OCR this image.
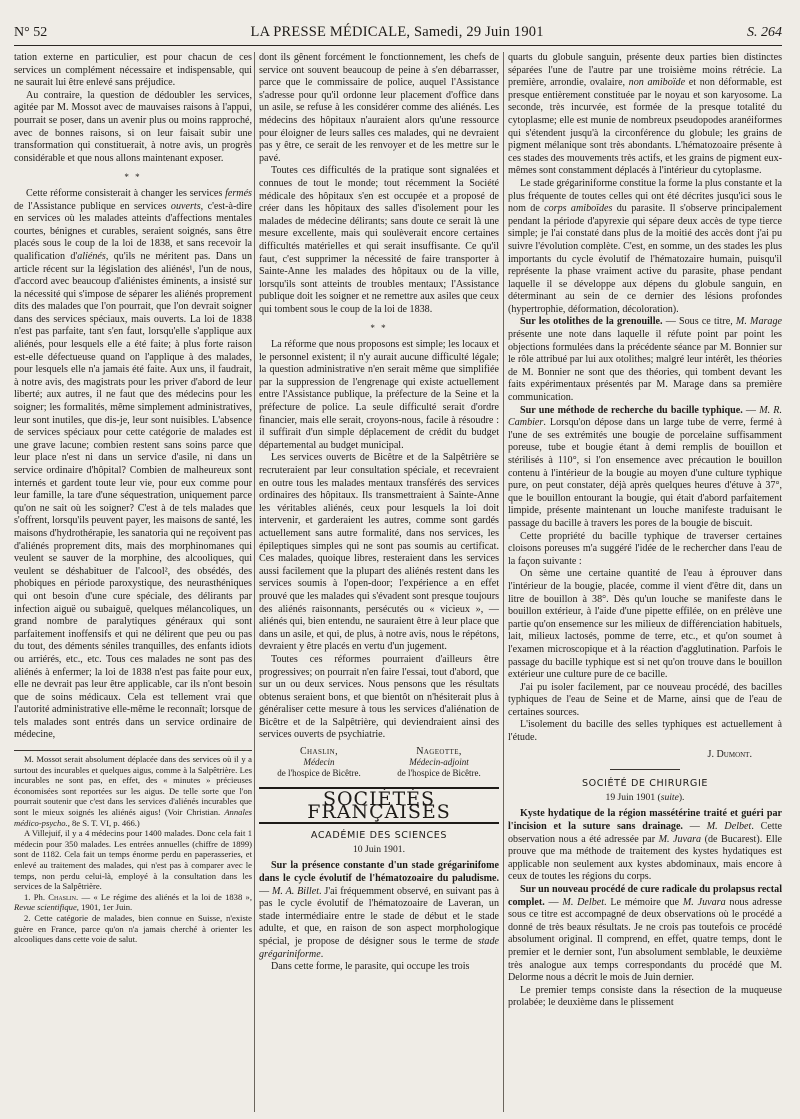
N° 52	LA PRESSE MÉDICALE, Samedi, 29 Juin 1901	S. 264

tation externe en particulier, est pour chacun de ces services un complément nécessaire et indispensable, qui ne saurait lui être enlevé sans préjudice.

Au contraire, la question de dédoubler les services, agitée par M. Mossot avec de mauvaises raisons à l'appui, pourrait se poser, dans un avenir plus ou moins rapproché, avec de bonnes raisons, si on leur faisait subir une transformation qui constituerait, à notre avis, un progrès considérable et que nous allons maintenant exposer.

* *

Cette réforme consisterait à changer les services fermés de l'Assistance publique en services ouverts, c'est-à-dire en services où les malades atteints d'affections mentales courtes, bénignes et curables, seraient soignés, sans être placés sous le coup de la loi de 1838, et sans recevoir la qualification d'aliénés, qu'ils ne méritent pas. Dans un article récent sur la législation des aliénés¹, l'un de nous, d'accord avec beaucoup d'aliénistes éminents, a insisté sur la nécessité qui s'impose de séparer les aliénés proprement dits des malades que l'on pourrait, que l'on devrait soigner dans des services spéciaux, mais ouverts. La loi de 1838 n'est pas parfaite, tant s'en faut, lorsqu'elle s'applique aux aliénés, pour lesquels elle a été faite; à plus forte raison est-elle défectueuse quand on l'applique à des malades, pour lesquels elle n'a jamais été faite. Aux uns, il faudrait, à notre avis, des magistrats pour les priver d'abord de leur liberté; aux autres, il ne faut que des médecins pour les soigner; les formalités, même simplement administratives, leur sont inutiles, que dis-je, leur sont nuisibles. L'absence de services spéciaux pour cette catégorie de malades est une grave lacune; combien restent sans soins parce que leur place n'est ni dans un service d'asile, ni dans un service ordinaire d'hôpital? Combien de malheureux sont internés et gardent toute leur vie, pour eux comme pour leur famille, la tare d'une séquestration, uniquement parce qu'on ne sait où les soigner? C'est à de tels malades que s'offrent, lorsqu'ils peuvent payer, les maisons de santé, les maisons d'hydrothérapie, les sanatoria qui ne reçoivent pas d'aliénés proprement dits, mais des morphinomanes qui veulent se sauver de la morphine, des alcooliques, qui veulent se déshabituer de l'alcool², des obsédés, des phobiques en période paroxystique, des neurasthéniques qui ont besoin d'une cure spéciale, des délirants par infection aiguë ou subaiguë, quelques mélancoliques, un grand nombre de paralytiques généraux qui sont parfaitement inoffensifs et qui ne délirent que peu ou pas du tout, des déments séniles tranquilles, des enfants idiots ou arriérés, etc., etc. Tous ces malades ne sont pas des aliénés à enfermer; la loi de 1838 n'est pas faite pour eux, elle ne devrait pas leur être applicable, car ils n'ont besoin que de soins médicaux. Cela est tellement vrai que l'autorité administrative elle-même le reconnaît; lorsque de tels malades sont entrés dans un service ordinaire de médecine,

M. Mossot serait absolument déplacée dans des services où il y a surtout des incurables et quelques aigus, comme à la Salpêtrière. Les incurables ne sont pas, en effet, des « minutes » précieuses économisées sont reportées sur les aigus. De telle sorte que l'on pourrait soutenir que c'est dans les services d'aliénés incurables que sont le mieux soignés les aliénés aigus! (Voir Christian. Annales médico-psycho., 8e S. T. VI, p. 466.)

A Villejuif, il y a 4 médecins pour 1400 malades. Donc cela fait 1 médecin pour 350 malades. Les entrées annuelles (chiffre de 1899) sont de 1182. Cela fait un temps énorme perdu en paperasseries, et enlevé au traitement des malades, qui n'est pas à comparer avec le temps, non perdu celui-là, employé à la consultation dans les services de la Salpêtrière.

1. Ph. Chaslin. — « Le régime des aliénés et la loi de 1838 », Revue scientifique, 1901, 1er Juin.

2. Cette catégorie de malades, bien connue en Suisse, n'existe guère en France, parce qu'on n'a jamais cherché à orienter les alcooliques dans cette voie de salut.

dont ils gênent forcément le fonctionnement, les chefs de service ont souvent beaucoup de peine à s'en débarrasser, parce que le commissaire de police, auquel l'Assistance s'adresse pour qu'il ordonne leur placement d'office dans un asile, se refuse à les considérer comme des aliénés. Les médecins des hôpitaux n'auraient alors qu'une ressource pour éloigner de leurs salles ces malades, qui ne devraient pas y être, ce serait de les renvoyer et de les mettre sur le pavé.

Toutes ces difficultés de la pratique sont signalées et connues de tout le monde; tout récemment la Société médicale des hôpitaux s'en est occupée et a proposé de créer dans les hôpitaux des salles d'isolement pour les malades de médecine délirants; sans doute ce serait là une mesure excellente, mais qui soulèverait encore certaines difficultés matérielles et qui serait insuffisante. Ce qu'il faut, c'est supprimer la nécessité de faire transporter à Sainte-Anne les malades des hôpitaux ou de la ville, lorsqu'ils sont atteints de troubles mentaux; l'Assistance publique doit les soigner et ne remettre aux asiles que ceux qui tombent sous le coup de la loi de 1838.

* *

La réforme que nous proposons est simple; les locaux et le personnel existent; il n'y aurait aucune difficulté légale; la question administrative n'en serait même que simplifiée par la suppression de l'engrenage qui existe actuellement entre l'Assistance publique, la préfecture de la Seine et la préfecture de police. La seule difficulté serait d'ordre financier, mais elle serait, croyons-nous, facile à résoudre : il suffirait d'un simple déplacement de crédit du budget départemental au budget municipal.

Les services ouverts de Bicêtre et de la Salpêtrière se recruteraient par leur consultation spéciale, et recevraient en outre tous les malades mentaux transférés des services ordinaires des hôpitaux. Ils transmettraient à Sainte-Anne les véritables aliénés, ceux pour lesquels la loi doit intervenir, et garderaient les autres, comme sont gardés actuellement sans autre formalité, dans nos services, les épileptiques simples qui ne sont pas soumis au certificat. Ces malades, quoique libres, resteraient dans les services aussi facilement que la plupart des aliénés restent dans les services soumis à l'open-door; l'expérience a en effet prouvé que les malades qui s'évadent sont presque toujours des aliénés raisonnants, persécutés ou « vicieux », — aliénés qui, bien entendu, ne sauraient être à leur place que dans un asile, et qui, de plus, à notre avis, nous le répétons, devraient y être placés en vertu d'un jugement.

Toutes ces réformes pourraient d'ailleurs être progressives; on pourrait n'en faire l'essai, tout d'abord, que sur un ou deux services. Nous pensons que les résultats obtenus seraient bons, et que bientôt on n'hésiterait plus à généraliser cette mesure à tous les services d'aliénation de Bicêtre et de la Salpêtrière, qui deviendraient ainsi des services ouverts de psychiatrie.

Chaslin,
Médecin
de l'hospice de Bicêtre.
Nageotte,
Médecin-adjoint
de l'hospice de Bicêtre.
SOCIÉTÉS FRANÇAISES
ACADÉMIE DES SCIENCES
10 Juin 1901.

Sur la présence constante d'un stade grégarinifome dans le cycle évolutif de l'hématozoaire du paludisme. — M. A. Billet. J'ai fréquemment observé, en suivant pas à pas le cycle évolutif de l'hématozoaire de Laveran, un stade intermédiaire entre le stade de début et le stade adulte, et que, en raison de son aspect morphologique spécial, je propose de désigner sous le terme de stade grégariniforme.

Dans cette forme, le parasite, qui occupe les trois

quarts du globule sanguin, présente deux parties bien distinctes séparées l'une de l'autre par une troisième moins rétrécie. La première, arrondie, ovalaire, non amiboïde et non déformable, est presque entièrement constituée par le noyau et son karyosome. La seconde, très incurvée, est formée de la presque totalité du cytoplasme; elle est munie de nombreux pseudopodes aranéiformes qui s'étendent jusqu'à la circonférence du globule; les grains de pigment mélanique sont très abondants. L'hématozoaire présente à ces stades des mouvements très actifs, et les grains de pigment eux-mêmes sont constamment déplacés à l'intérieur du cytoplasme.

Le stade grégariniforme constitue la forme la plus constante et la plus fréquente de toutes celles qui ont été décrites jusqu'ici sous le nom de corps amiboïdes du parasite. Il s'observe principalement pendant la période d'apyrexie qui sépare deux accès de type tierce simple; je l'ai constaté dans plus de la moitié des accès dont j'ai pu suivre l'évolution complète. C'est, en somme, un des stades les plus importants du cycle évolutif de l'hématozaire humain, puisqu'il représente la phase vraiment active du parasite, phase pendant laquelle il se développe aux dépens du globule sanguin, en déterminant au sein de ce dernier des lésions profondes (hypertrophie, déformation, décoloration).

Sur les otolithes de la grenouille. — Sous ce titre, M. Marage présente une note dans laquelle il réfute point par point les objections formulées dans la précédente séance par M. Bonnier sur le rôle attribué par lui aux otolithes; malgré leur intérêt, les théories de M. Bonnier ne sont que des théories, qui tombent devant les faits expérimentaux présentés par M. Marage dans sa première communication.

Sur une méthode de recherche du bacille typhique. — M. R. Cambier. Lorsqu'on dépose dans un large tube de verre, fermé à l'une de ses extrémités une bougie de porcelaine suffisamment poreuse, tube et bougie étant à demi remplis de bouillon et stérilisés à 110°, si l'on ensemence avec précaution le bouillon contenu à l'intérieur de la bougie au moyen d'une culture typhique pure, on peut constater, déjà après quelques heures d'étuve à 37°, que le bouillon entourant la bougie, qui était d'abord parfaitement limpide, présente maintenant un louche manifeste traduisant le passage du bacille à travers les pores de la bougie de biscuit.

Cette propriété du bacille typhique de traverser certaines cloisons poreuses m'a suggéré l'idée de le rechercher dans l'eau de la façon suivante :

On sème une certaine quantité de l'eau à éprouver dans l'intérieur de la bougie, placée, comme il vient d'être dit, dans un litre de bouillon à 38°. Dès qu'un louche se manifeste dans le bouillon extérieur, à l'aide d'une pipette effilée, on en prélève une partie qu'on ensemence sur les milieux de différenciation habituels, lait, milieux lactosés, pomme de terre, etc., et qu'on soumet à l'examen microscopique et à la réaction d'agglutination. Parfois le passage du bacille typhique est si net qu'on trouve dans le bouillon extérieur une culture pure de ce bacille.

J'ai pu isoler facilement, par ce nouveau procédé, des bacilles typhiques de l'eau de Seine et de Marne, ainsi que de l'eau de certaines sources.

L'isolement du bacille des selles typhiques est actuellement à l'étude.

J. Dumont.
SOCIÉTÉ DE CHIRURGIE
19 Juin 1901 (suite).

Kyste hydatique de la région massétérine traité et guéri par l'incision et la suture sans drainage. — M. Delbet. Cette observation nous a été adressée par M. Juvara (de Bucarest). Elle prouve que ma méthode de traitement des kystes hydatiques est applicable non seulement aux kystes abdominaux, mais encore à ceux de toutes les régions du corps.

Sur un nouveau procédé de cure radicale du prolapsus rectal complet. — M. Delbet. Le mémoire que M. Juvara nous adresse sous ce titre est accompagné de deux observations où le procédé a donné de très beaux résultats. Je ne crois pas toutefois ce procédé absolument original. Il comprend, en effet, quatre temps, dont le premier et le dernier sont, l'un absolument semblable, le deuxième très analogue aux temps correspondants du procédé que M. Delorme nous a décrit le mois de Juin dernier.

Le premier temps consiste dans la résection de la muqueuse prolabée; le deuxième dans le plissement
